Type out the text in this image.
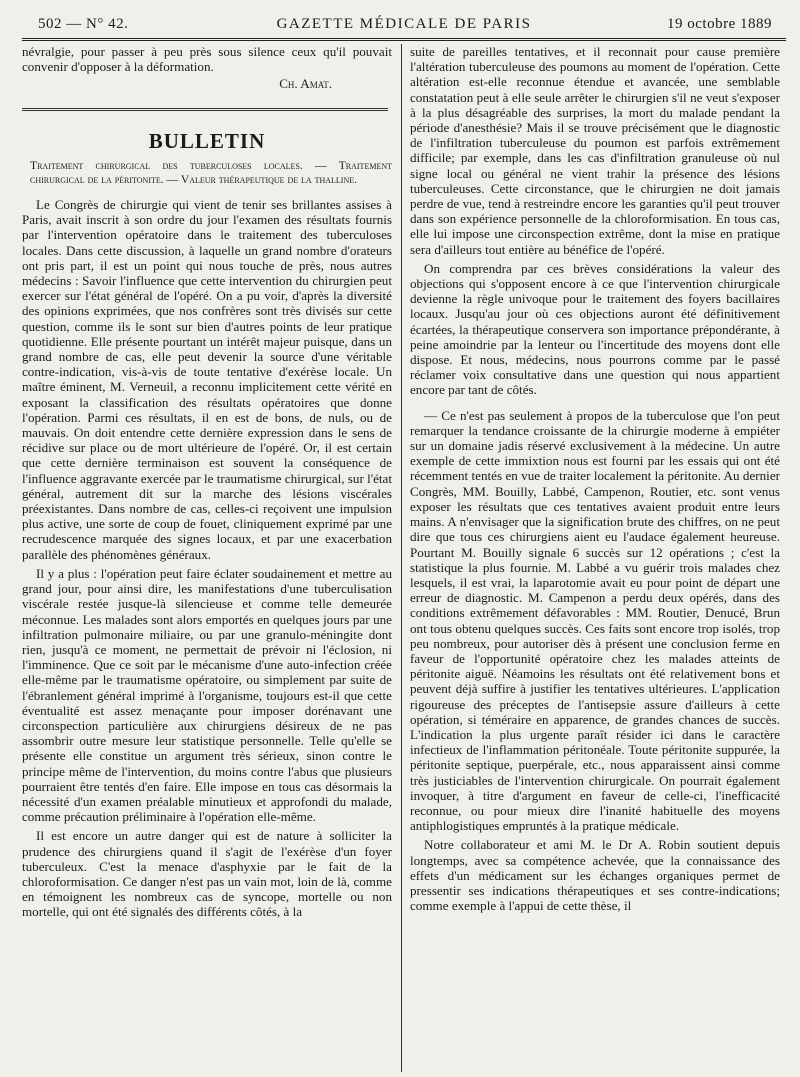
502 — N° 42.	GAZETTE MÉDICALE DE PARIS	19 octobre 1889

névralgie, pour passer à peu près sous silence ceux qu'il pouvait convenir d'opposer à la déformation.

Ch. Amat.

BULLETIN
Traitement chirurgical des tuberculoses locales. — Traitement chirurgical de la péritonite. — Valeur thérapeutique de la thalline.

Le Congrès de chirurgie qui vient de tenir ses brillantes assises à Paris, avait inscrit à son ordre du jour l'examen des résultats fournis par l'intervention opératoire dans le traitement des tuberculoses locales. Dans cette discussion, à laquelle un grand nombre d'orateurs ont pris part, il est un point qui nous touche de près, nous autres médecins : Savoir l'influence que cette intervention du chirurgien peut exercer sur l'état général de l'opéré. On a pu voir, d'après la diversité des opinions exprimées, que nos confrères sont très divisés sur cette question, comme ils le sont sur bien d'autres points de leur pratique quotidienne. Elle présente pourtant un intérêt majeur puisque, dans un grand nombre de cas, elle peut devenir la source d'une véritable contre-indication, vis-à-vis de toute tentative d'exérèse locale. Un maître éminent, M. Verneuil, a reconnu implicitement cette vérité en exposant la classification des résultats opératoires que donne l'opération. Parmi ces résultats, il en est de bons, de nuls, ou de mauvais. On doit entendre cette dernière expression dans le sens de récidive sur place ou de mort ultérieure de l'opéré. Or, il est certain que cette dernière terminaison est souvent la conséquence de l'influence aggravante exercée par le traumatisme chirurgical, sur l'état général, autrement dit sur la marche des lésions viscérales préexistantes. Dans nombre de cas, celles-ci reçoivent une impulsion plus active, une sorte de coup de fouet, cliniquement exprimé par une recrudescence marquée des signes locaux, et par une exacerbation parallèle des phénomènes généraux.

Il y a plus : l'opération peut faire éclater soudainement et mettre au grand jour, pour ainsi dire, les manifestations d'une tuberculisation viscérale restée jusque-là silencieuse et comme telle demeurée méconnue. Les malades sont alors emportés en quelques jours par une infiltration pulmonaire miliaire, ou par une granulo-méningite dont rien, jusqu'à ce moment, ne permettait de prévoir ni l'éclosion, ni l'imminence. Que ce soit par le mécanisme d'une auto-infection créée elle-même par le traumatisme opératoire, ou simplement par suite de l'ébranlement général imprimé à l'organisme, toujours est-il que cette éventualité est assez menaçante pour imposer dorénavant une circonspection particulière aux chirurgiens désireux de ne pas assombrir outre mesure leur statistique personnelle. Telle qu'elle se présente elle constitue un argument très sérieux, sinon contre le principe même de l'intervention, du moins contre l'abus que plusieurs pourraient être tentés d'en faire. Elle impose en tous cas désormais la nécessité d'un examen préalable minutieux et approfondi du malade, comme précaution préliminaire à l'opération elle-même.

Il est encore un autre danger qui est de nature à solliciter la prudence des chirurgiens quand il s'agit de l'exérèse d'un foyer tuberculeux. C'est la menace d'asphyxie par le fait de la chloroformisation. Ce danger n'est pas un vain mot, loin de là, comme en témoignent les nombreux cas de syncope, mortelle ou non mortelle, qui ont été signalés des différents côtés, à la

suite de pareilles tentatives, et il reconnait pour cause première l'altération tuberculeuse des poumons au moment de l'opération. Cette altération est-elle reconnue étendue et avancée, une semblable constatation peut à elle seule arrêter le chirurgien s'il ne veut s'exposer à la plus désagréable des surprises, la mort du malade pendant la période d'anesthésie? Mais il se trouve précisément que le diagnostic de l'infiltration tuberculeuse du poumon est parfois extrêmement difficile; par exemple, dans les cas d'infiltration granuleuse où nul signe local ou général ne vient trahir la présence des lésions tuberculeuses. Cette circonstance, que le chirurgien ne doit jamais perdre de vue, tend à restreindre encore les garanties qu'il peut trouver dans son expérience personnelle de la chloroformisation. En tous cas, elle lui impose une circonspection extrême, dont la mise en pratique sera d'ailleurs tout entière au bénéfice de l'opéré.

On comprendra par ces brèves considérations la valeur des objections qui s'opposent encore à ce que l'intervention chirurgicale devienne la règle univoque pour le traitement des foyers bacillaires locaux. Jusqu'au jour où ces objections auront été définitivement écartées, la thérapeutique conservera son importance prépondérante, à peine amoindrie par la lenteur ou l'incertitude des moyens dont elle dispose. Et nous, médecins, nous pourrons comme par le passé réclamer voix consultative dans une question qui nous appartient encore par tant de côtés.

— Ce n'est pas seulement à propos de la tuberculose que l'on peut remarquer la tendance croissante de la chirurgie moderne à empiéter sur un domaine jadis réservé exclusivement à la médecine. Un autre exemple de cette immixtion nous est fourni par les essais qui ont été récemment tentés en vue de traiter localement la péritonite. Au dernier Congrès, MM. Bouilly, Labbé, Campenon, Routier, etc. sont venus exposer les résultats que ces tentatives avaient produit entre leurs mains. A n'envisager que la signification brute des chiffres, on ne peut dire que tous ces chirurgiens aient eu l'audace également heureuse. Pourtant M. Bouilly signale 6 succès sur 12 opérations ; c'est la statistique la plus fournie. M. Labbé a vu guérir trois malades chez lesquels, il est vrai, la laparotomie avait eu pour point de départ une erreur de diagnostic. M. Campenon a perdu deux opérés, dans des conditions extrêmement défavorables : MM. Routier, Denucé, Brun ont tous obtenu quelques succès. Ces faits sont encore trop isolés, trop peu nombreux, pour autoriser dès à présent une conclusion ferme en faveur de l'opportunité opératoire chez les malades atteints de péritonite aiguë. Néamoins les résultats ont été relativement bons et peuvent déjà suffire à justifier les tentatives ultérieures. L'application rigoureuse des préceptes de l'antisepsie assure d'ailleurs à cette opération, si téméraire en apparence, de grandes chances de succès. L'indication la plus urgente paraît résider ici dans le caractère infectieux de l'inflammation péritonéale. Toute péritonite suppurée, la péritonite septique, puerpérale, etc., nous apparaissent ainsi comme très justiciables de l'intervention chirurgicale. On pourrait également invoquer, à titre d'argument en faveur de celle-ci, l'inefficacité reconnue, ou pour mieux dire l'inanité habituelle des moyens antiphlogistiques empruntés à la pratique médicale.

Notre collaborateur et ami M. le Dr A. Robin soutient depuis longtemps, avec sa compétence achevée, que la connaissance des effets d'un médicament sur les échanges organiques permet de pressentir ses indications thérapeutiques et ses contre-indications; comme exemple à l'appui de cette thèse, il
